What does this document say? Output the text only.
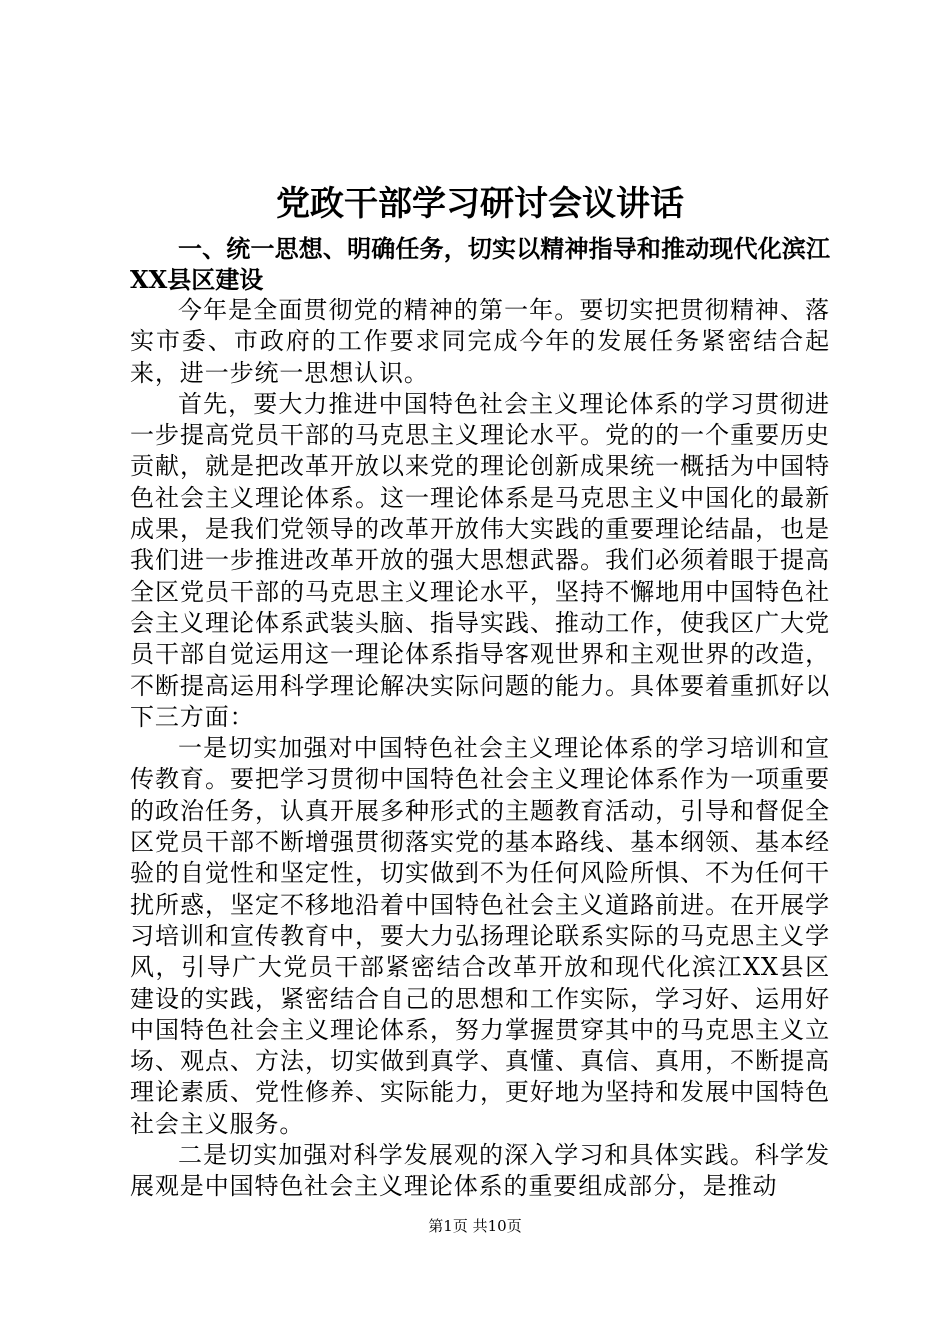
党政干部学习研讨会议讲话

一、统一思想、明确任务，切实以精神指导和推动现代化滨江XX县区建设

今年是全面贯彻党的精神的第一年。要切实把贯彻精神、落实市委、市政府的工作要求同完成今年的发展任务紧密结合起来，进一步统一思想认识。

首先，要大力推进中国特色社会主义理论体系的学习贯彻进一步提高党员干部的马克思主义理论水平。党的的一个重要历史贡献，就是把改革开放以来党的理论创新成果统一概括为中国特色社会主义理论体系。这一理论体系是马克思主义中国化的最新成果，是我们党领导的改革开放伟大实践的重要理论结晶，也是我们进一步推进改革开放的强大思想武器。我们必须着眼于提高全区党员干部的马克思主义理论水平，坚持不懈地用中国特色社会主义理论体系武装头脑、指导实践、推动工作，使我区广大党员干部自觉运用这一理论体系指导客观世界和主观世界的改造，不断提高运用科学理论解决实际问题的能力。具体要着重抓好以下三方面：

一是切实加强对中国特色社会主义理论体系的学习培训和宣传教育。要把学习贯彻中国特色社会主义理论体系作为一项重要的政治任务，认真开展多种形式的主题教育活动，引导和督促全区党员干部不断增强贯彻落实党的基本路线、基本纲领、基本经验的自觉性和坚定性，切实做到不为任何风险所惧、不为任何干扰所惑，坚定不移地沿着中国特色社会主义道路前进。在开展学习培训和宣传教育中，要大力弘扬理论联系实际的马克思主义学风，引导广大党员干部紧密结合改革开放和现代化滨江XX县区建设的实践，紧密结合自己的思想和工作实际，学习好、运用好中国特色社会主义理论体系，努力掌握贯穿其中的马克思主义立场、观点、方法，切实做到真学、真懂、真信、真用，不断提高理论素质、党性修养、实际能力，更好地为坚持和发展中国特色社会主义服务。

二是切实加强对科学发展观的深入学习和具体实践。科学发展观是中国特色社会主义理论体系的重要组成部分，是推动

第1页 共10页
